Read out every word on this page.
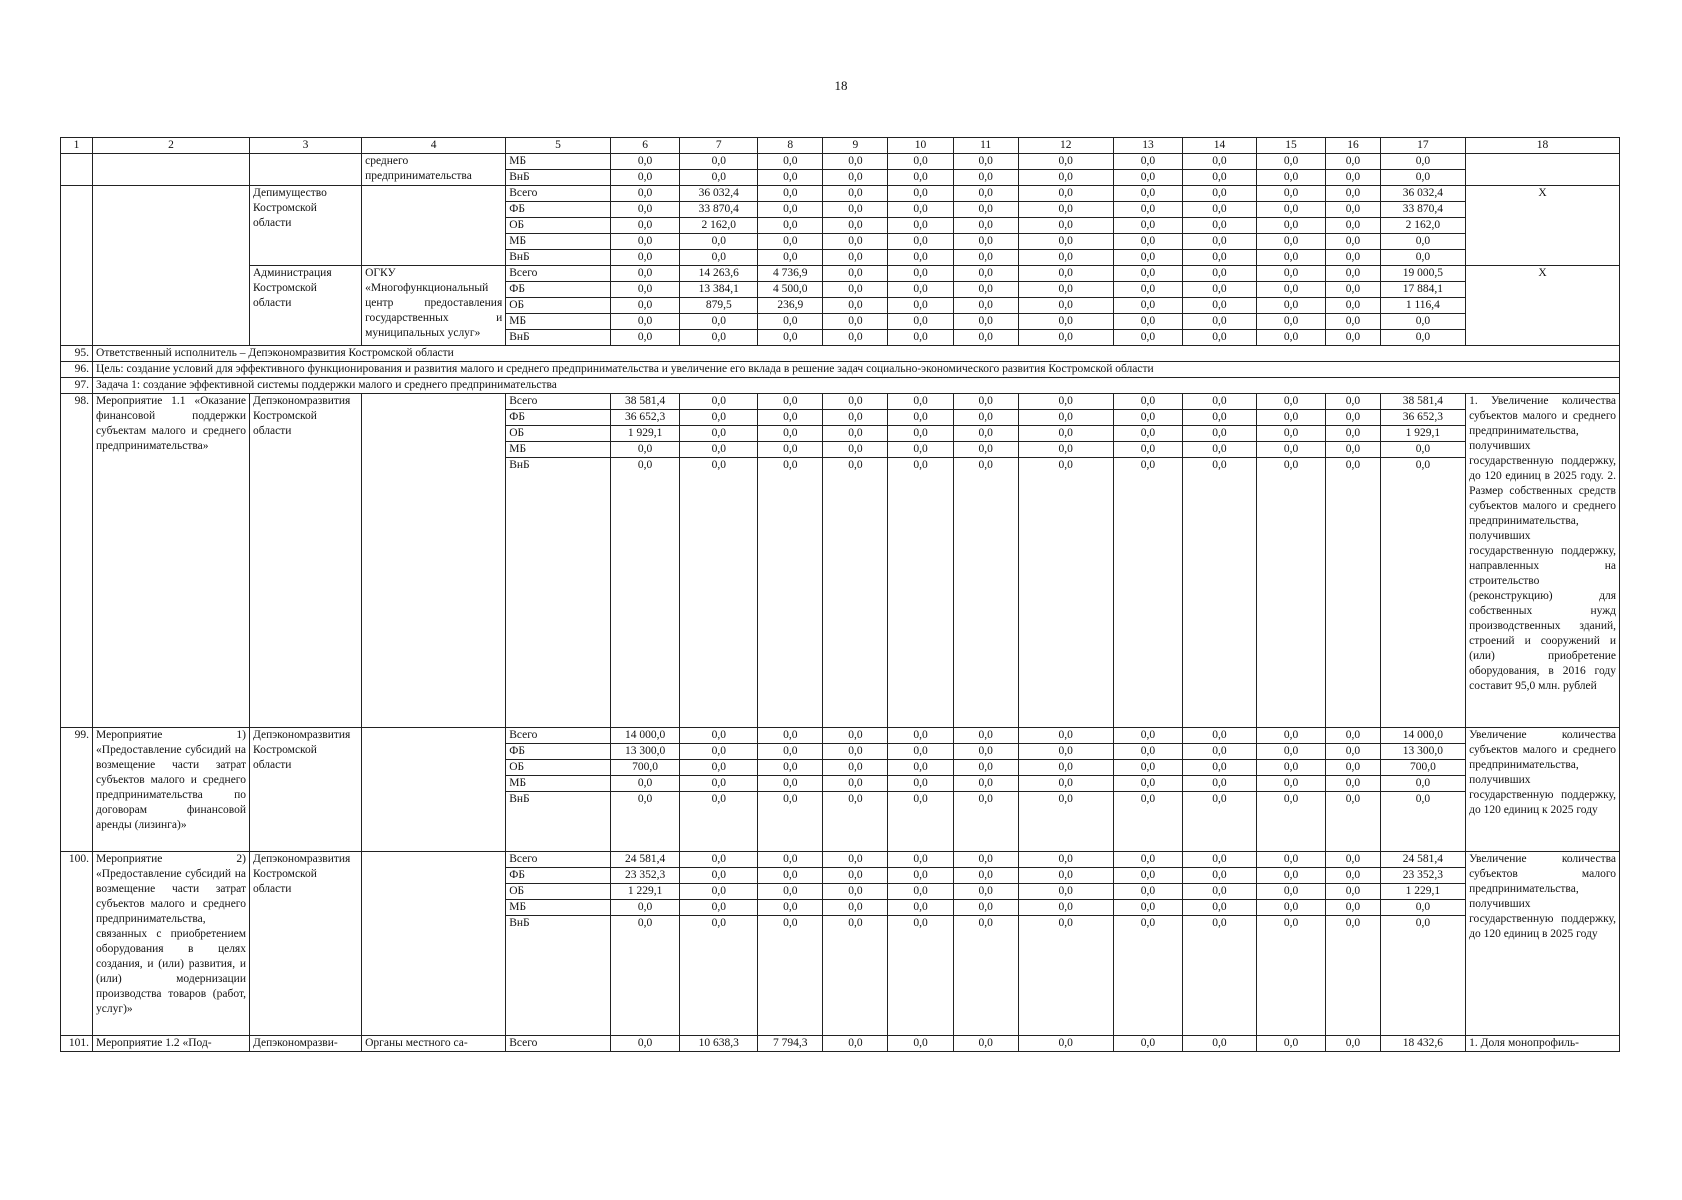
18
1	2	3	4	5	6	7	8	9	10	11	12	13	14	15	16	17	18
			среднего предпринимательства	МБ	0,0	0,0	0,0	0,0	0,0	0,0	0,0	0,0	0,0	0,0	0,0	0,0	
				ВнБ	0,0	0,0	0,0	0,0	0,0	0,0	0,0	0,0	0,0	0,0	0,0	0,0	
		Депимущество Костромской области		Всего	0,0	36 032,4	0,0	0,0	0,0	0,0	0,0	0,0	0,0	0,0	0,0	36 032,4	X
				ФБ	0,0	33 870,4	0,0	0,0	0,0	0,0	0,0	0,0	0,0	0,0	0,0	33 870,4	
				ОБ	0,0	2 162,0	0,0	0,0	0,0	0,0	0,0	0,0	0,0	0,0	0,0	2 162,0	
				МБ	0,0	0,0	0,0	0,0	0,0	0,0	0,0	0,0	0,0	0,0	0,0	0,0	
				ВнБ	0,0	0,0	0,0	0,0	0,0	0,0	0,0	0,0	0,0	0,0	0,0	0,0	
		Администрация Костромской области	ОГКУ «Многофункциональный центр предоставления государственных и муниципальных услуг»	Всего	0,0	14 263,6	4 736,9	0,0	0,0	0,0	0,0	0,0	0,0	0,0	0,0	19 000,5	X
				ФБ	0,0	13 384,1	4 500,0	0,0	0,0	0,0	0,0	0,0	0,0	0,0	0,0	17 884,1	
				ОБ	0,0	879,5	236,9	0,0	0,0	0,0	0,0	0,0	0,0	0,0	0,0	1 116,4	
				МБ	0,0	0,0	0,0	0,0	0,0	0,0	0,0	0,0	0,0	0,0	0,0	0,0	
				ВнБ	0,0	0,0	0,0	0,0	0,0	0,0	0,0	0,0	0,0	0,0	0,0	0,0	
95.	Ответственный исполнитель – Депэкономразвития Костромской области																
96.	Цель: создание условий для эффективного функционирования и развития малого и среднего предпринимательства и увеличение его вклада в решение задач социально-экономического развития Костромской области																
97.	Задача 1: создание эффективной системы поддержки малого и среднего предпринимательства																
98.	Мероприятие 1.1 «Оказание финансовой поддержки субъектам малого и среднего предпринимательства»	Депэкономразвития Костромской области		Всего	38 581,4	0,0	0,0	0,0	0,0	0,0	0,0	0,0	0,0	0,0	0,0	38 581,4	1. Увеличение количества субъектов малого и среднего предпринимательства, получивших государственную поддержку, до 120 единиц в 2025 году. 2. Размер собственных средств субъектов малого и среднего предпринимательства, получивших государственную поддержку, направленных на строительство (реконструкцию) для собственных нужд производственных зданий, строений и сооружений и (или) приобретение оборудования, в 2016 году составит 95,0 млн. рублей
				ФБ	36 652,3	0,0	0,0	0,0	0,0	0,0	0,0	0,0	0,0	0,0	0,0	36 652,3	
				ОБ	1 929,1	0,0	0,0	0,0	0,0	0,0	0,0	0,0	0,0	0,0	0,0	1 929,1	
				МБ	0,0	0,0	0,0	0,0	0,0	0,0	0,0	0,0	0,0	0,0	0,0	0,0	
				ВнБ	0,0	0,0	0,0	0,0	0,0	0,0	0,0	0,0	0,0	0,0	0,0	0,0	
99.	Мероприятие 1) «Предоставление субсидий на возмещение части затрат субъектов малого и среднего предпринимательства по договорам финансовой аренды (лизинга)»	Депэкономразвития Костромской области		Всего	14 000,0	0,0	0,0	0,0	0,0	0,0	0,0	0,0	0,0	0,0	0,0	14 000,0	Увеличение количества субъектов малого и среднего предпринимательства, получивших государственную поддержку, до 120 единиц к 2025 году
				ФБ	13 300,0	0,0	0,0	0,0	0,0	0,0	0,0	0,0	0,0	0,0	0,0	13 300,0	
				ОБ	700,0	0,0	0,0	0,0	0,0	0,0	0,0	0,0	0,0	0,0	0,0	700,0	
				МБ	0,0	0,0	0,0	0,0	0,0	0,0	0,0	0,0	0,0	0,0	0,0	0,0	
				ВнБ	0,0	0,0	0,0	0,0	0,0	0,0	0,0	0,0	0,0	0,0	0,0	0,0	
100.	Мероприятие 2) «Предоставление субсидий на возмещение части затрат субъектов малого и среднего предпринимательства, связанных с приобретением оборудования в целях создания, и (или) развития, и (или) модернизации производства товаров (работ, услуг)»	Депэкономразвития Костромской области		Всего	24 581,4	0,0	0,0	0,0	0,0	0,0	0,0	0,0	0,0	0,0	0,0	24 581,4	Увеличение количества субъектов малого предпринимательства, получивших государственную поддержку, до 120 единиц в 2025 году
				ФБ	23 352,3	0,0	0,0	0,0	0,0	0,0	0,0	0,0	0,0	0,0	0,0	23 352,3	
				ОБ	1 229,1	0,0	0,0	0,0	0,0	0,0	0,0	0,0	0,0	0,0	0,0	1 229,1	
				МБ	0,0	0,0	0,0	0,0	0,0	0,0	0,0	0,0	0,0	0,0	0,0	0,0	
				ВнБ	0,0	0,0	0,0	0,0	0,0	0,0	0,0	0,0	0,0	0,0	0,0	0,0	
101.	Мероприятие 1.2 «Под-	Депэкономразви-	Органы местного са-	Всего	0,0	10 638,3	7 794,3	0,0	0,0	0,0	0,0	0,0	0,0	0,0	0,0	18 432,6	1. Доля монопрофиль-
